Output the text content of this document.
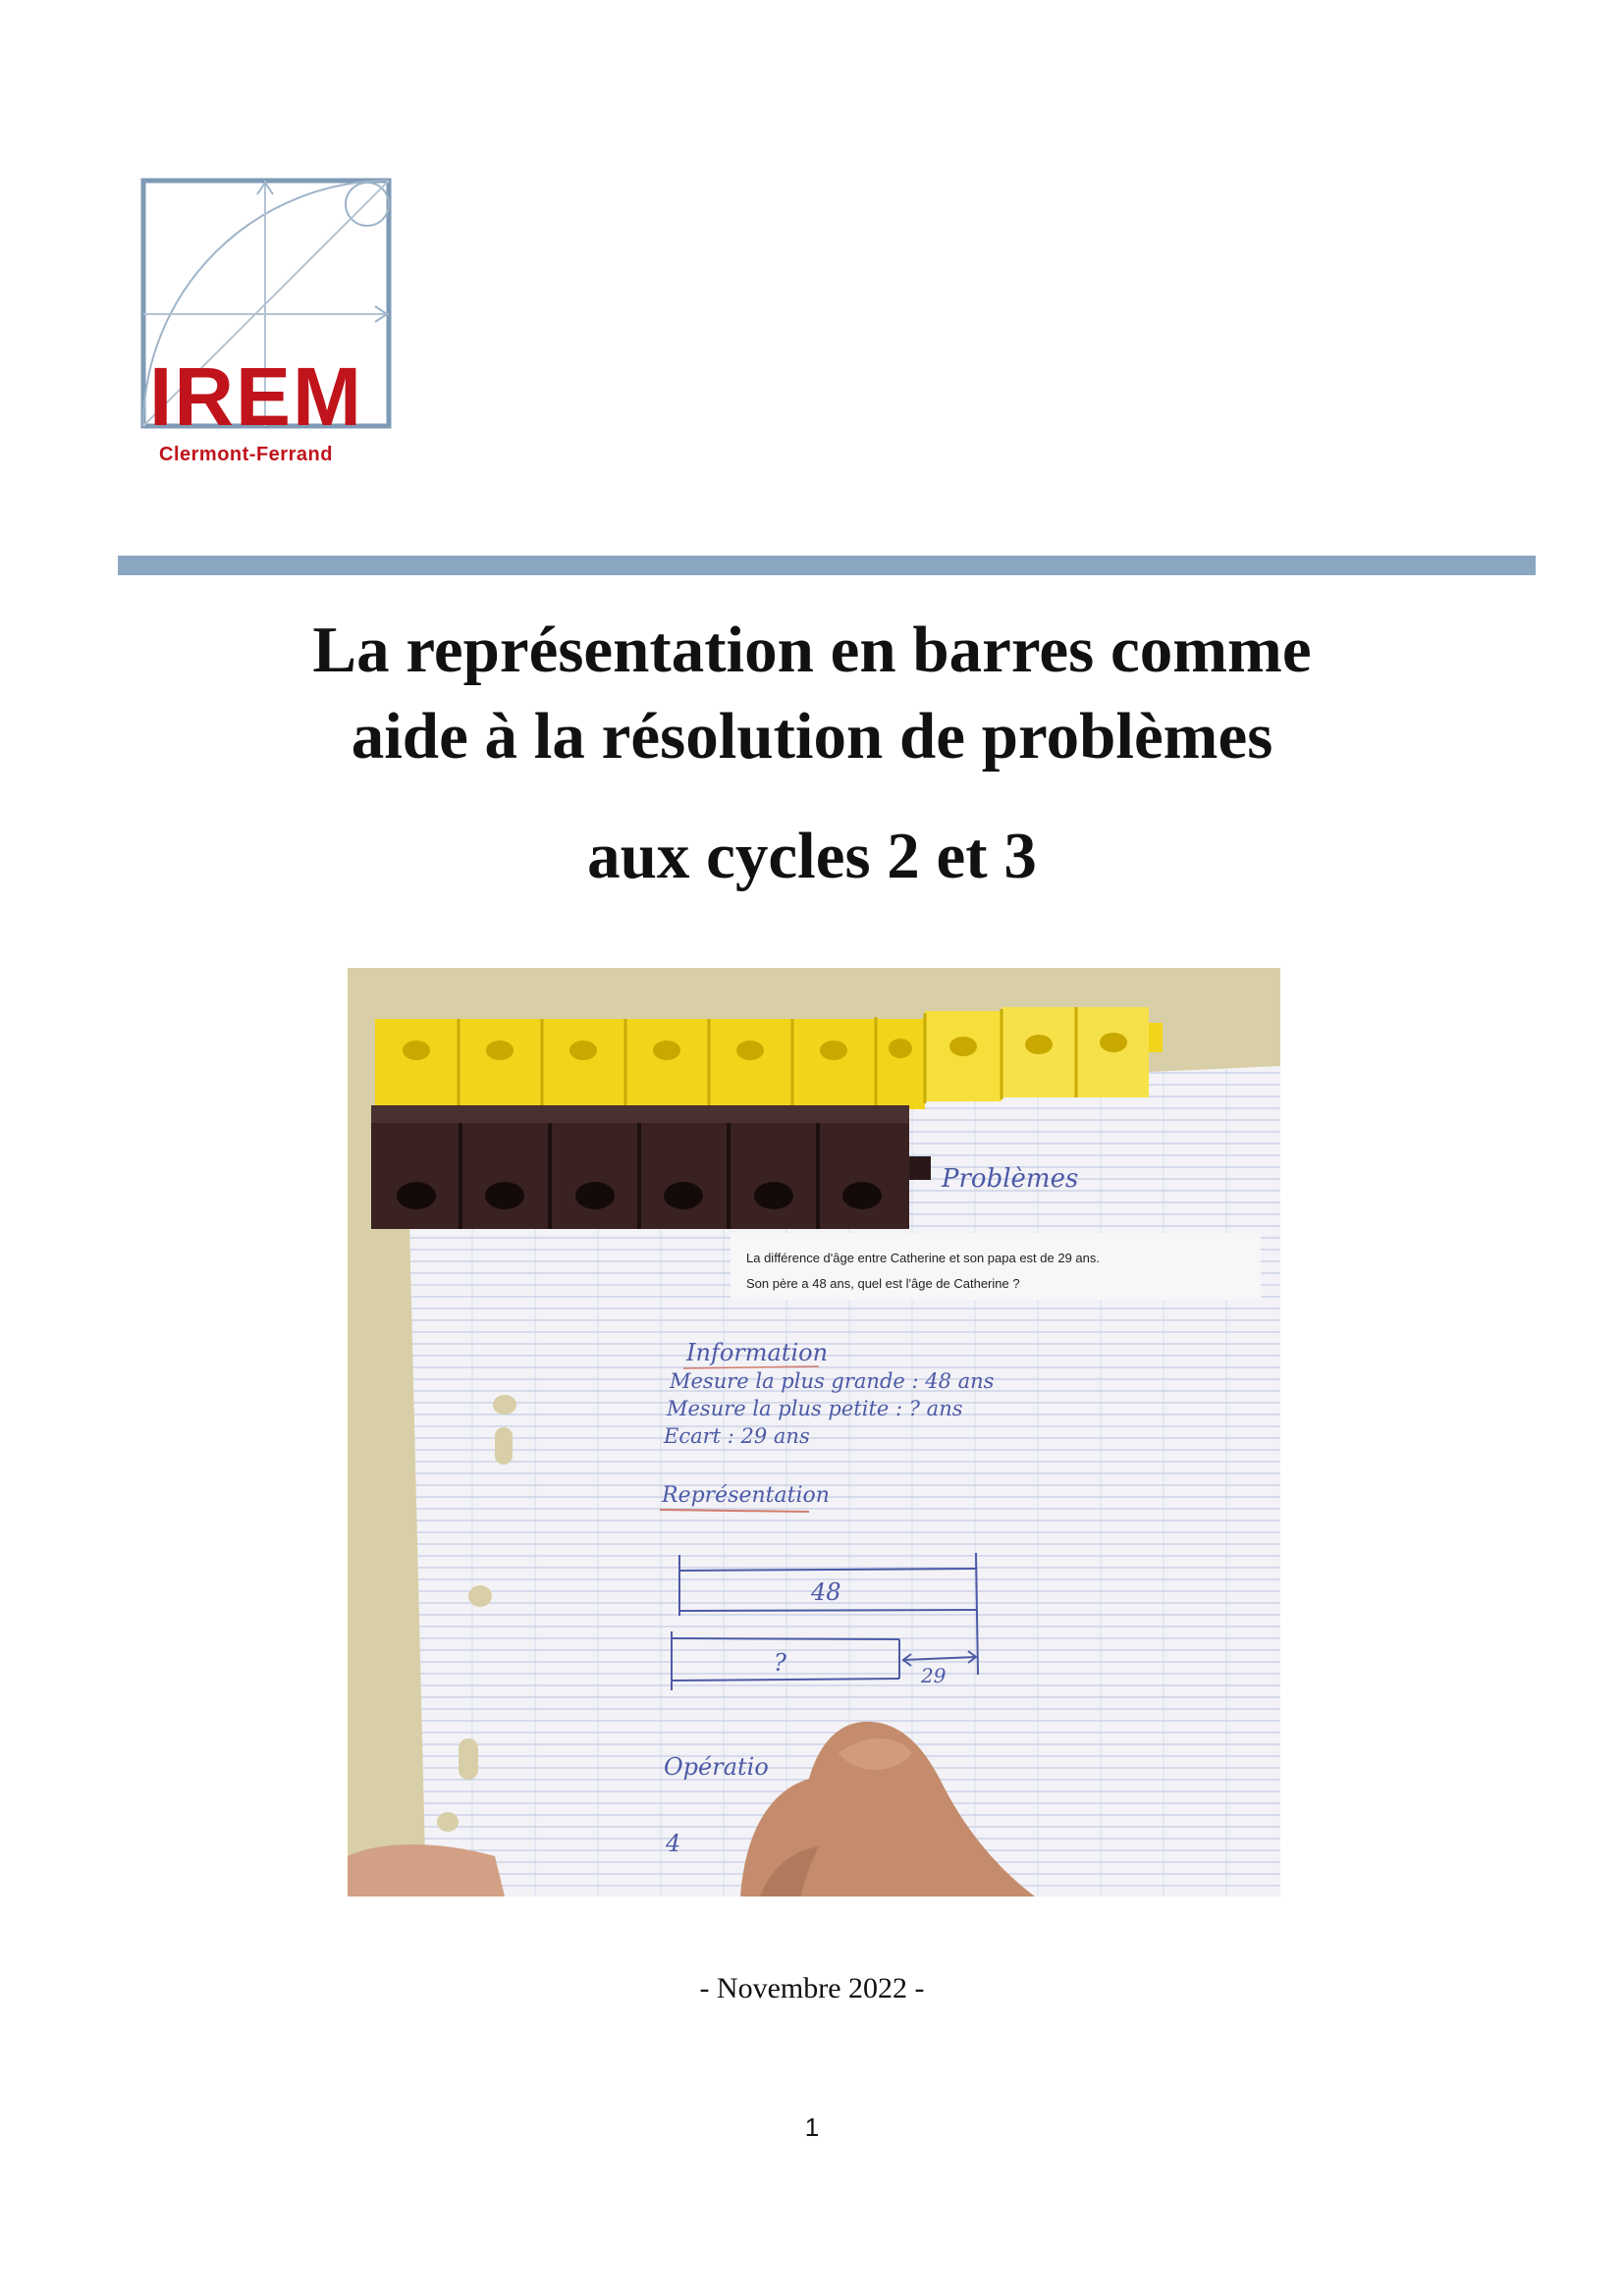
IREM
Clermont-Ferrand
La représentation en barres comme
aide à la résolution de problèmes
aux cycles 2 et 3
Problèmes
La différence d'âge entre Catherine et son papa est de 29 ans.
Son père a 48 ans, quel est l'âge de Catherine ?
Information
Mesure la plus grande : 48 ans
Mesure la plus petite : ? ans
Ecart : 29 ans
Représentation
48
?	29
Opératio
4
- Novembre 2022 -
1
